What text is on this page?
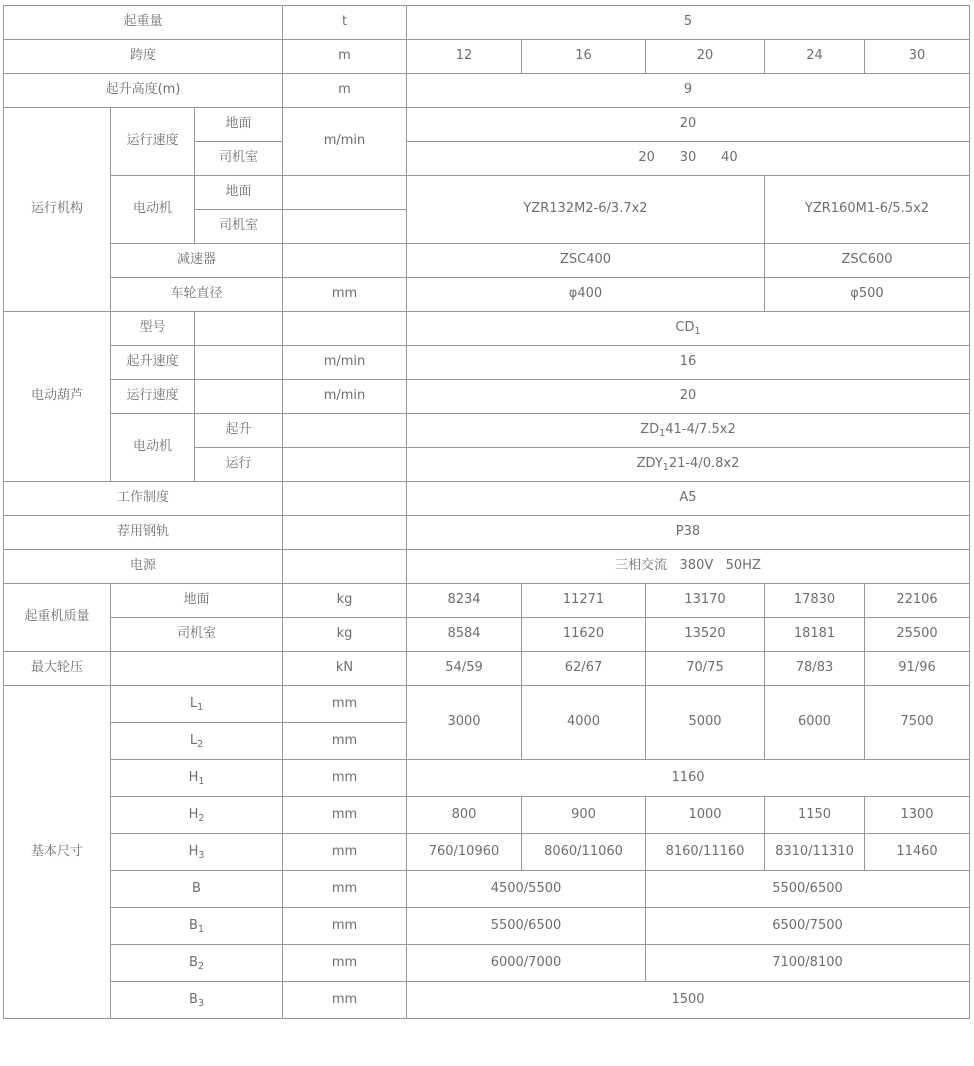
起重量			t	5				
跨度			m	12	16	20	24	30
起升高度(m)			m	9				
运行机构	运行速度	地面	m/min	20				
		司机室		20      30      40				
	电动机	地面		YZR132M2-6/3.7x2			YZR160M1-6/5.5x2	
		司机室						
	减速器			ZSC400			ZSC600	
	车轮直径		mm	φ400			φ500	
电动葫芦	型号			$CD_1$
	起升速度		m/min	16				
	运行速度		m/min	20				
	电动机	起升		$ZD_141-4/7.5x2$				
		运行		$ZDY_121-4/0.8x2$				
工作制度				A5				
荐用钢轨				P38				
电源				三相交流   380V   50HZ				
起重机质量	地面		kg	8234	11271	13170	17830	22106
	司机室		kg	8584	11620	13520	18181	25500
最大轮压			kN	54/59	62/67	70/75	78/83	91/96
基本尺寸	$L_1$		mm	3000	4000	5000	6000	7500
	$L_2$		mm					
	$H_1$		mm	1160				
	$H_2$		mm	800	900	1000	1150	1300
	$H_3$		mm	760/10960	8060/11060	8160/11160	8310/11310	11460
	B		mm	4500/5500		5500/6500		
	$B_1$		mm	5500/6500		6500/7500		
	$B_2$		mm	6000/7000		7100/8100		
	$B_3$		mm	1500				
